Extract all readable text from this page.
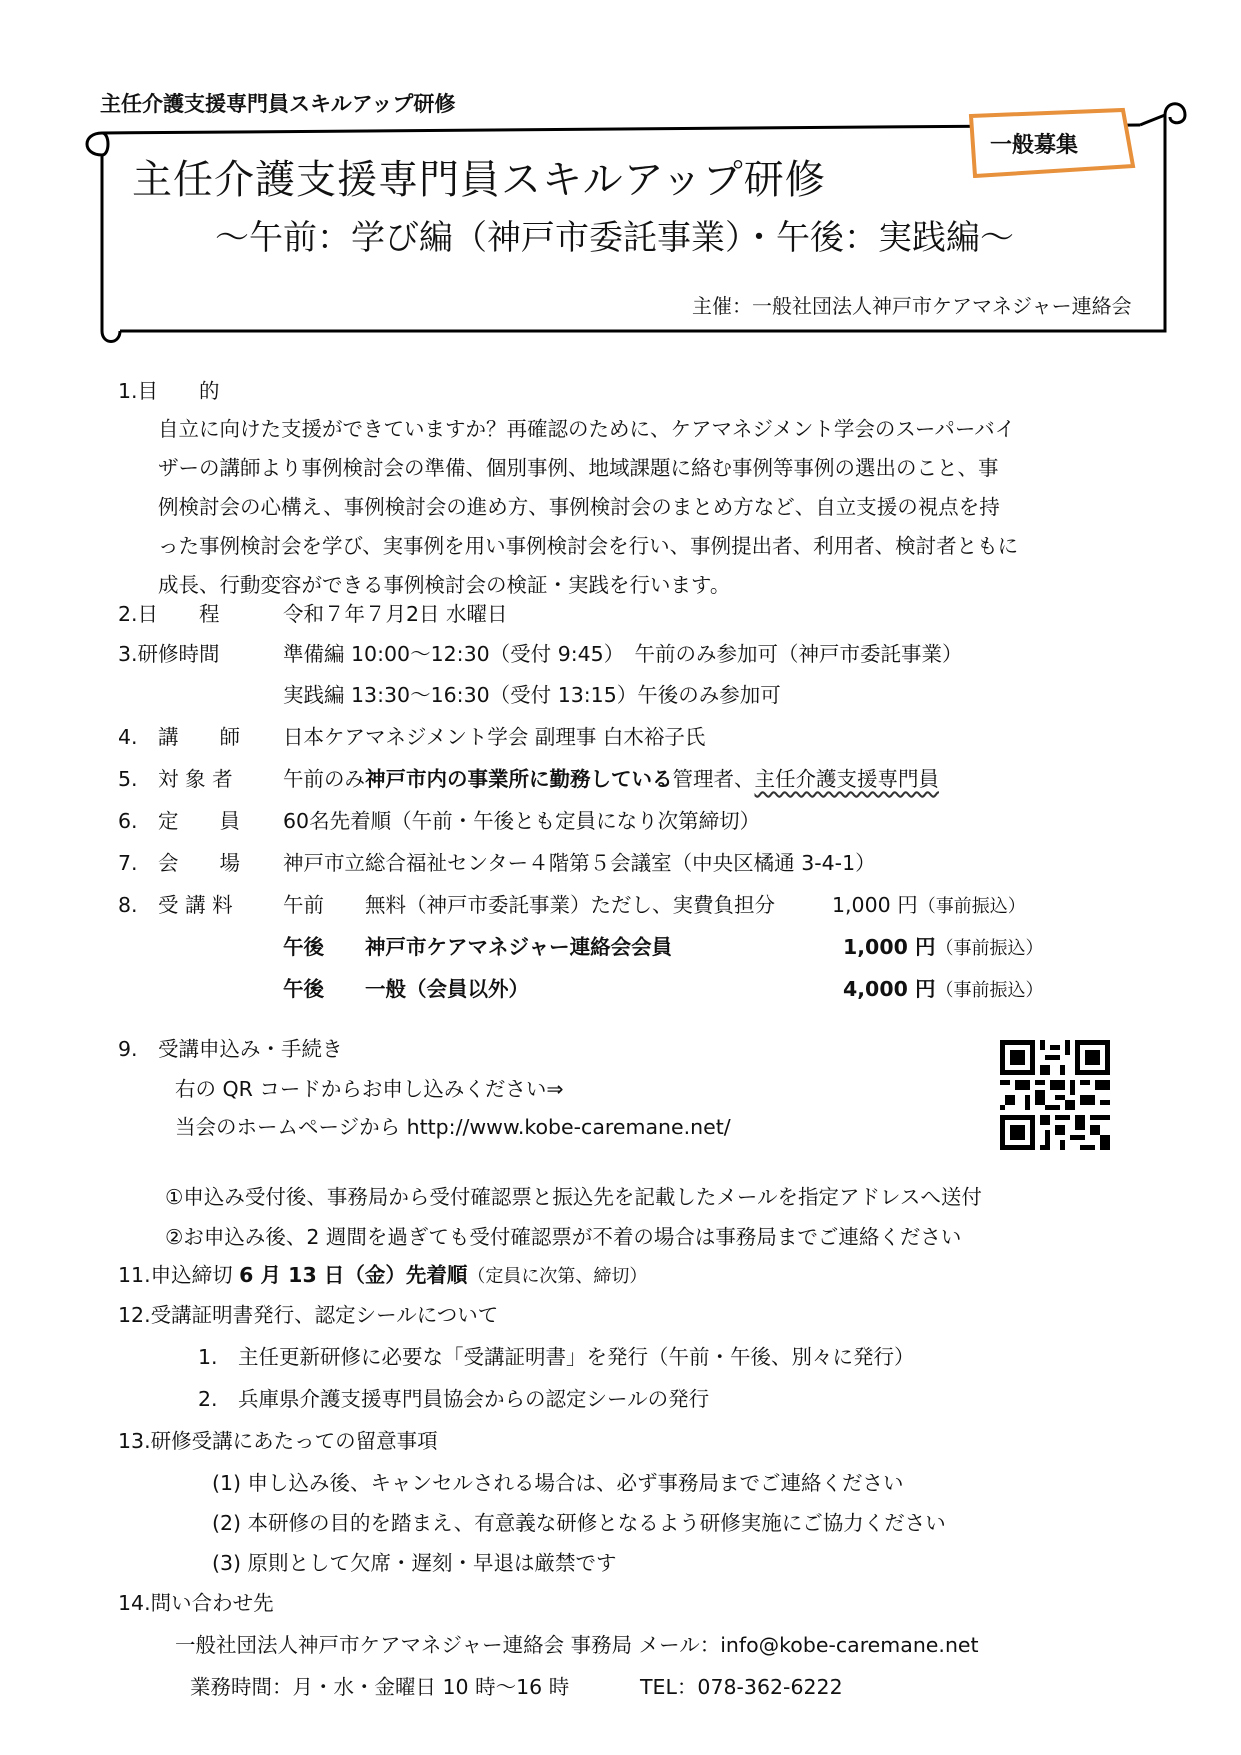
主任介護支援専門員スキルアップ研修
一般募集
主任介護支援専門員スキルアップ研修
～午前：学び編（神戸市委託事業）・午後：実践編～
主催：一般社団法人神戸市ケアマネジャー連絡会
1.目　　的
自立に向けた支援ができていますか？再確認のために、ケアマネジメント学会のスーパーバイ
ザーの講師より事例検討会の準備、個別事例、地域課題に絡む事例等事例の選出のこと、事
例検討会の心構え、事例検討会の進め方、事例検討会のまとめ方など、自立支援の視点を持
った事例検討会を学び、実事例を用い事例検討会を行い、事例提出者、利用者、検討者ともに
成長、行動変容ができる事例検討会の検証・実践を行います。
2.日　　程	令和７年７月2日 水曜日
3.研修時間	準備編 10:00～12:30（受付 9:45）　午前のみ参加可（神戸市委託事業）
実践編 13:30～16:30（受付 13:15）午後のみ参加可
4.　講　　師 日本ケアマネジメント学会 副理事 白木裕子氏
5.　対 象 者 午前のみ神戸市内の事業所に勤務している管理者、主任介護支援専門員
6.　定　　員 60名先着順（午前・午後とも定員になり次第締切）
7.　会　　場 神戸市立総合福祉センター４階第５会議室（中央区橘通 3-4-1）
8.　受 講 料 午前 無料（神戸市委託事業）ただし、実費負担分	1,000 円（事前振込）
午後 神戸市ケアマネジャー連絡会会員	1,000 円（事前振込）
午後 一般（会員以外）	4,000 円（事前振込）
9.　受講申込み・手続き
右の QR コードからお申し込みください⇒
当会のホームページから http://www.kobe-caremane.net/
①申込み受付後、事務局から受付確認票と振込先を記載したメールを指定アドレスへ送付
②お申込み後、2 週間を過ぎても受付確認票が不着の場合は事務局までご連絡ください
11.申込締切 6 月 13 日（金）先着順（定員に次第、締切）
12.受講証明書発行、認定シールについて
1.　主任更新研修に必要な「受講証明書」を発行（午前・午後、別々に発行）
2.　兵庫県介護支援専門員協会からの認定シールの発行
13.研修受講にあたっての留意事項
(1) 申し込み後、キャンセルされる場合は、必ず事務局までご連絡ください
(2) 本研修の目的を踏まえ、有意義な研修となるよう研修実施にご協力ください
(3) 原則として欠席・遅刻・早退は厳禁です
14.問い合わせ先
一般社団法人神戸市ケアマネジャー連絡会 事務局 メール：info@kobe-caremane.net
業務時間：月・水・金曜日 10 時～16 時	TEL：078-362-6222
